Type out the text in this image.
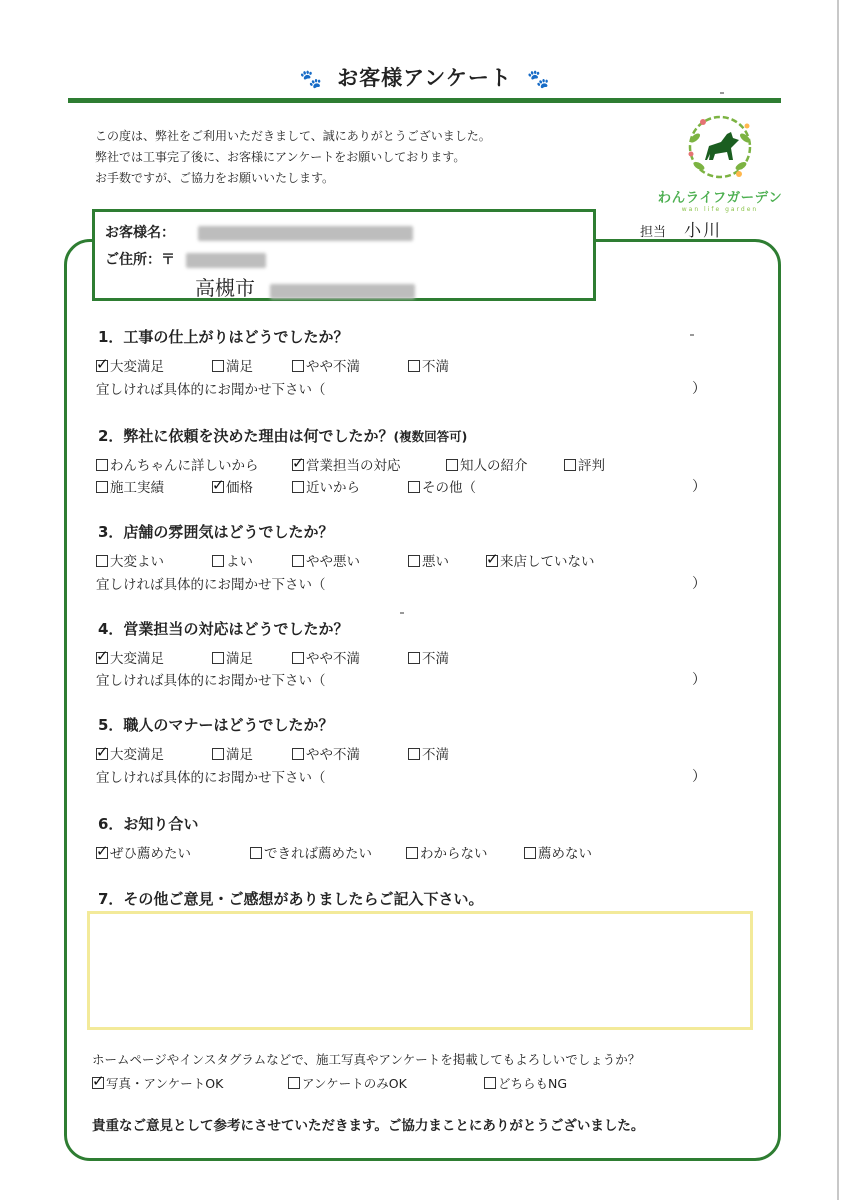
🐾 お客様アンケート 🐾
この度は、弊社をご利用いただきまして、誠にありがとうございました。
弊社では工事完了後に、お客様にアンケートをお願いしております。
お手数ですが、ご協力をお願いいたします。
わんライフガーデン
wan life garden
担当 小川
お客様名：
ご住所：〒
高槻市
1．工事の仕上がりはどうでしたか？
✓大変満足	満足	やや不満	不満
宜しければ具体的にお聞かせ下さい（	）
2．弊社に依頼を決めた理由は何でしたか？(複数回答可)
わんちゃんに詳しいから ✓	営業担当の対応	知人の紹介	評判
施工実績 ✓	価格	近いから	その他（	）
3．店舗の雰囲気はどうでしたか？
大変よい	よい	やや悪い	悪い ✓	来店していない
宜しければ具体的にお聞かせ下さい（	）
4．営業担当の対応はどうでしたか？
✓大変満足	満足	やや不満	不満
宜しければ具体的にお聞かせ下さい（	）
5．職人のマナーはどうでしたか？
✓大変満足	満足	やや不満	不満
宜しければ具体的にお聞かせ下さい（	）
6．お知り合い
✓ぜひ薦めたい	できれば薦めたい	わからない	薦めない
7．その他ご意見・ご感想がありましたらご記入下さい。
ホームページやインスタグラムなどで、施工写真やアンケートを掲載してもよろしいでしょうか？
✓写真・アンケートOK	アンケートのみOK	どちらもNG
貴重なご意見として参考にさせていただきます。ご協力まことにありがとうございました。
